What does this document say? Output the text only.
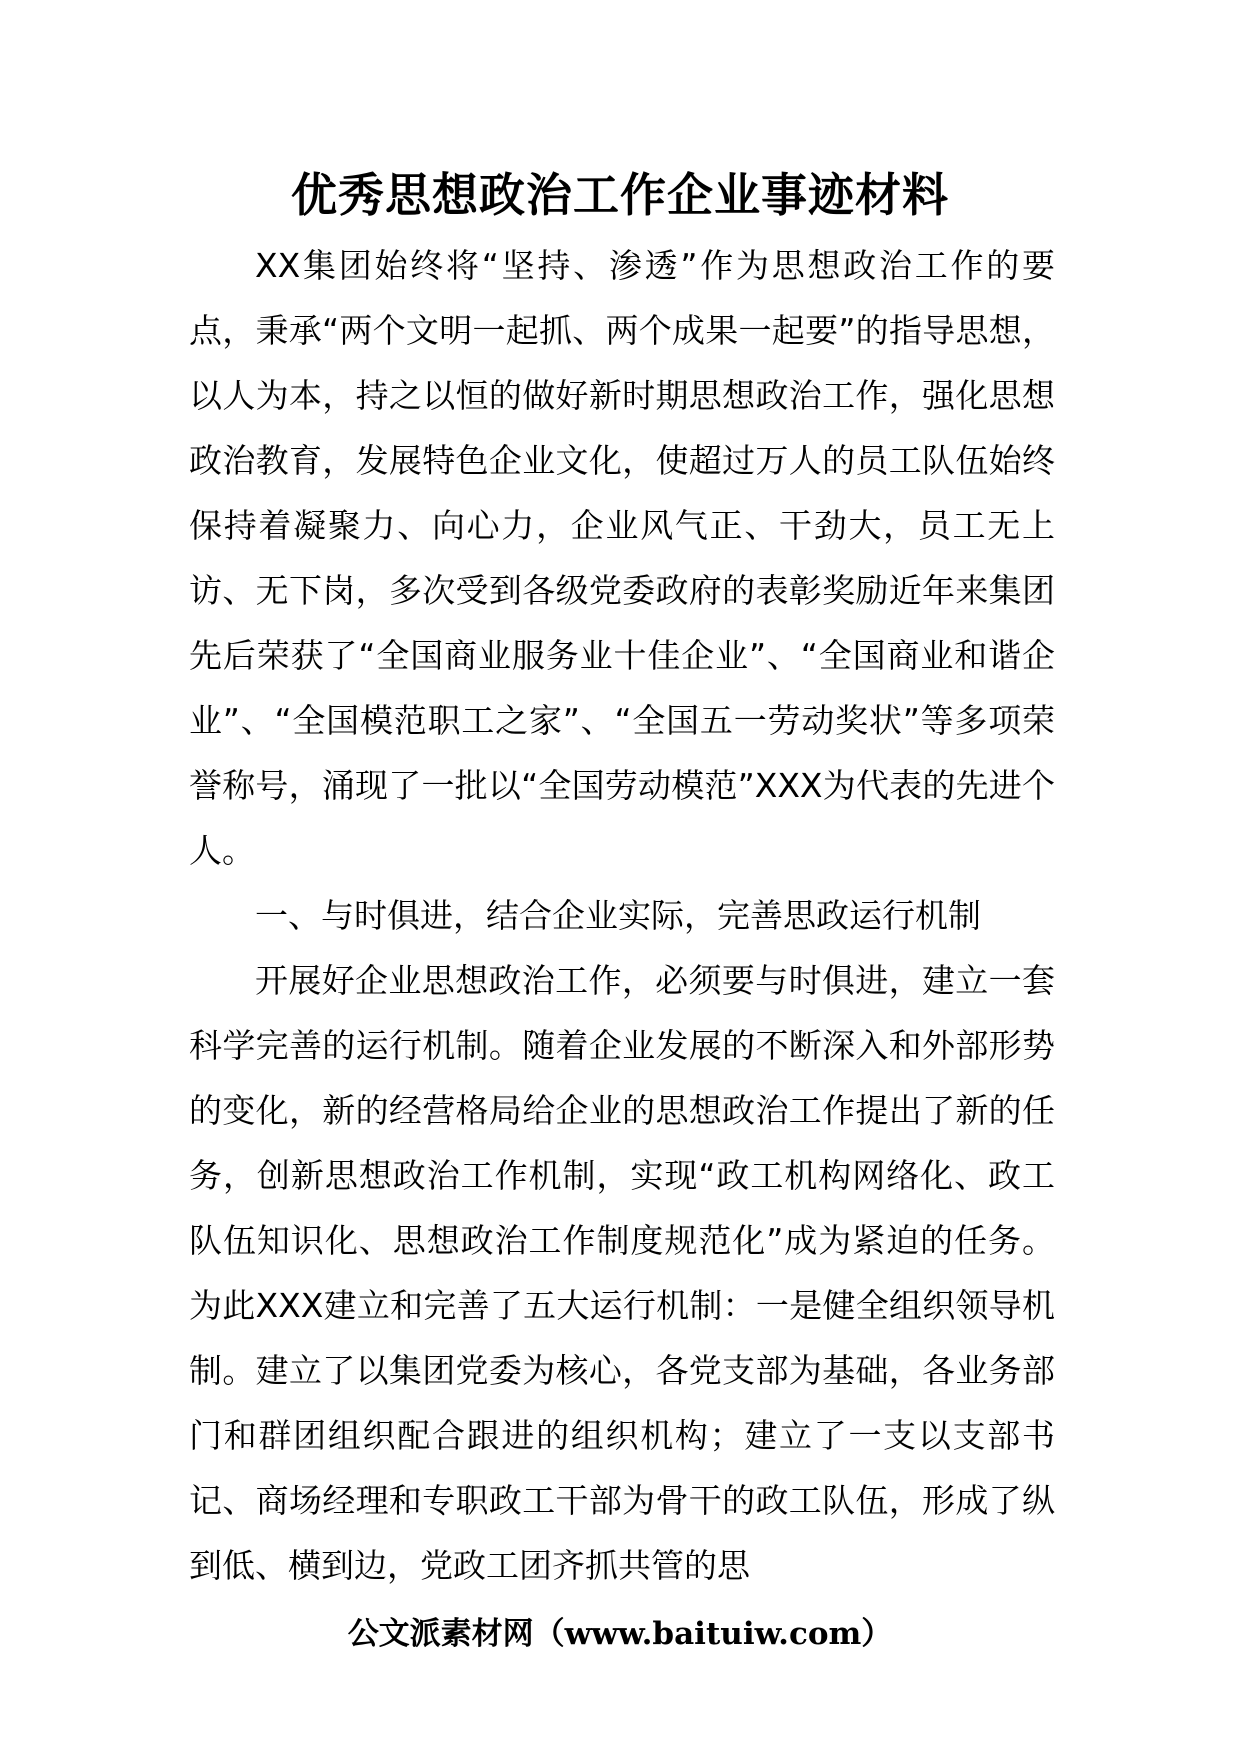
优秀思想政治工作企业事迹材料

XX集团始终将“坚持、渗透”作为思想政治工作的要点，秉承“两个文明一起抓、两个成果一起要”的指导思想，以人为本，持之以恒的做好新时期思想政治工作，强化思想政治教育，发展特色企业文化，使超过万人的员工队伍始终保持着凝聚力、向心力，企业风气正、干劲大，员工无上访、无下岗，多次受到各级党委政府的表彰奖励近年来集团先后荣获了“全国商业服务业十佳企业”、“全国商业和谐企业”、“全国模范职工之家”、“全国五一劳动奖状”等多项荣誉称号，涌现了一批以“全国劳动模范”XXX为代表的先进个人。

一、与时俱进，结合企业实际，完善思政运行机制

开展好企业思想政治工作，必须要与时俱进，建立一套科学完善的运行机制。随着企业发展的不断深入和外部形势的变化，新的经营格局给企业的思想政治工作提出了新的任务，创新思想政治工作机制，实现“政工机构网络化、政工队伍知识化、思想政治工作制度规范化”成为紧迫的任务。为此XXX建立和完善了五大运行机制：一是健全组织领导机制。建立了以集团党委为核心，各党支部为基础，各业务部门和群团组织配合跟进的组织机构；建立了一支以支部书记、商场经理和专职政工干部为骨干的政工队伍，形成了纵到低、横到边，党政工团齐抓共管的思

公文派素材网（www.baituiw.com）
